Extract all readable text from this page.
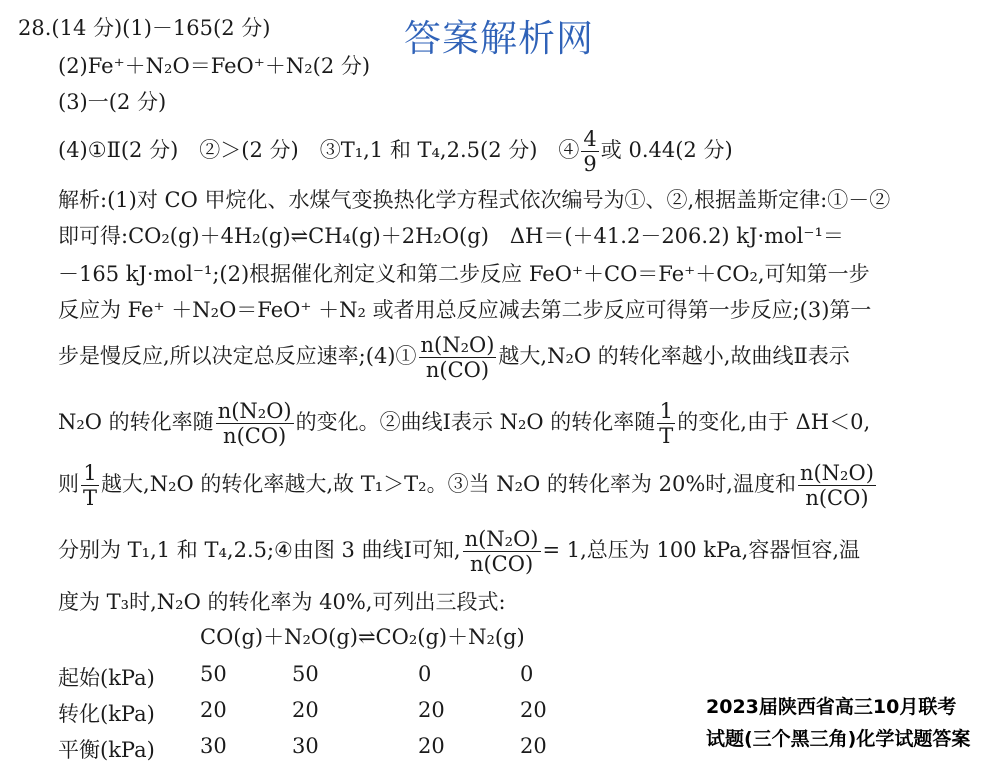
答案解析网
28.(14 分)(1)－165(2 分)
(2)Fe⁺＋N₂O＝FeO⁺＋N₂(2 分)
(3)一(2 分)
(4)①Ⅱ(2 分)　②＞(2 分)　③T₁,1 和 T₄,2.5(2 分)　④ $\frac{4}{9}$ 或 0.44(2 分)
解析:(1)对 CO 甲烷化、水煤气变换热化学方程式依次编号为①、②,根据盖斯定律:①－②
即可得:CO₂(g)＋4H₂(g)⇌CH₄(g)＋2H₂O(g)　ΔH＝(＋41.2－206.2) kJ·mol⁻¹＝
－165 kJ·mol⁻¹;(2)根据催化剂定义和第二步反应 FeO⁺＋CO＝Fe⁺＋CO₂,可知第一步
反应为 Fe⁺ ＋N₂O＝FeO⁺ ＋N₂ 或者用总反应减去第二步反应可得第一步反应;(3)第一
步是慢反应,所以决定总反应速率;(4)① $\frac{\text{n(N₂O)}}{n(CO)}$ 越大,N₂O 的转化率越小,故曲线Ⅱ表示
N₂O 的转化率随 $\frac{\text{n(N₂O)}}{n(CO)}$ 的变化。②曲线Ⅰ表示 N₂O 的转化率随 $\frac{1}{T}$ 的变化,由于 ΔH＜0,
则 $\frac{1}{T}$ 越大,N₂O 的转化率越大,故 T₁＞T₂。③当 N₂O 的转化率为 20%时,温度和 $\frac{\text{n(N₂O)}}{n(CO)}$
分别为 T₁,1 和 T₄,2.5;④由图 3 曲线Ⅰ可知, $\frac{\text{n(N₂O)}}{n(CO)} = 1$,总压为 100 kPa,容器恒容,温
度为 T₃时,N₂O 的转化率为 40%,可列出三段式:
CO(g)＋N₂O(g)⇌CO₂(g)＋N₂(g)
起始(kPa) 50	50	0	0
转化(kPa) 20	20	20	20
平衡(kPa) 30	30	20	20
2023届陕西省高三10月联考
试题(三个黑三角)化学试题答案
